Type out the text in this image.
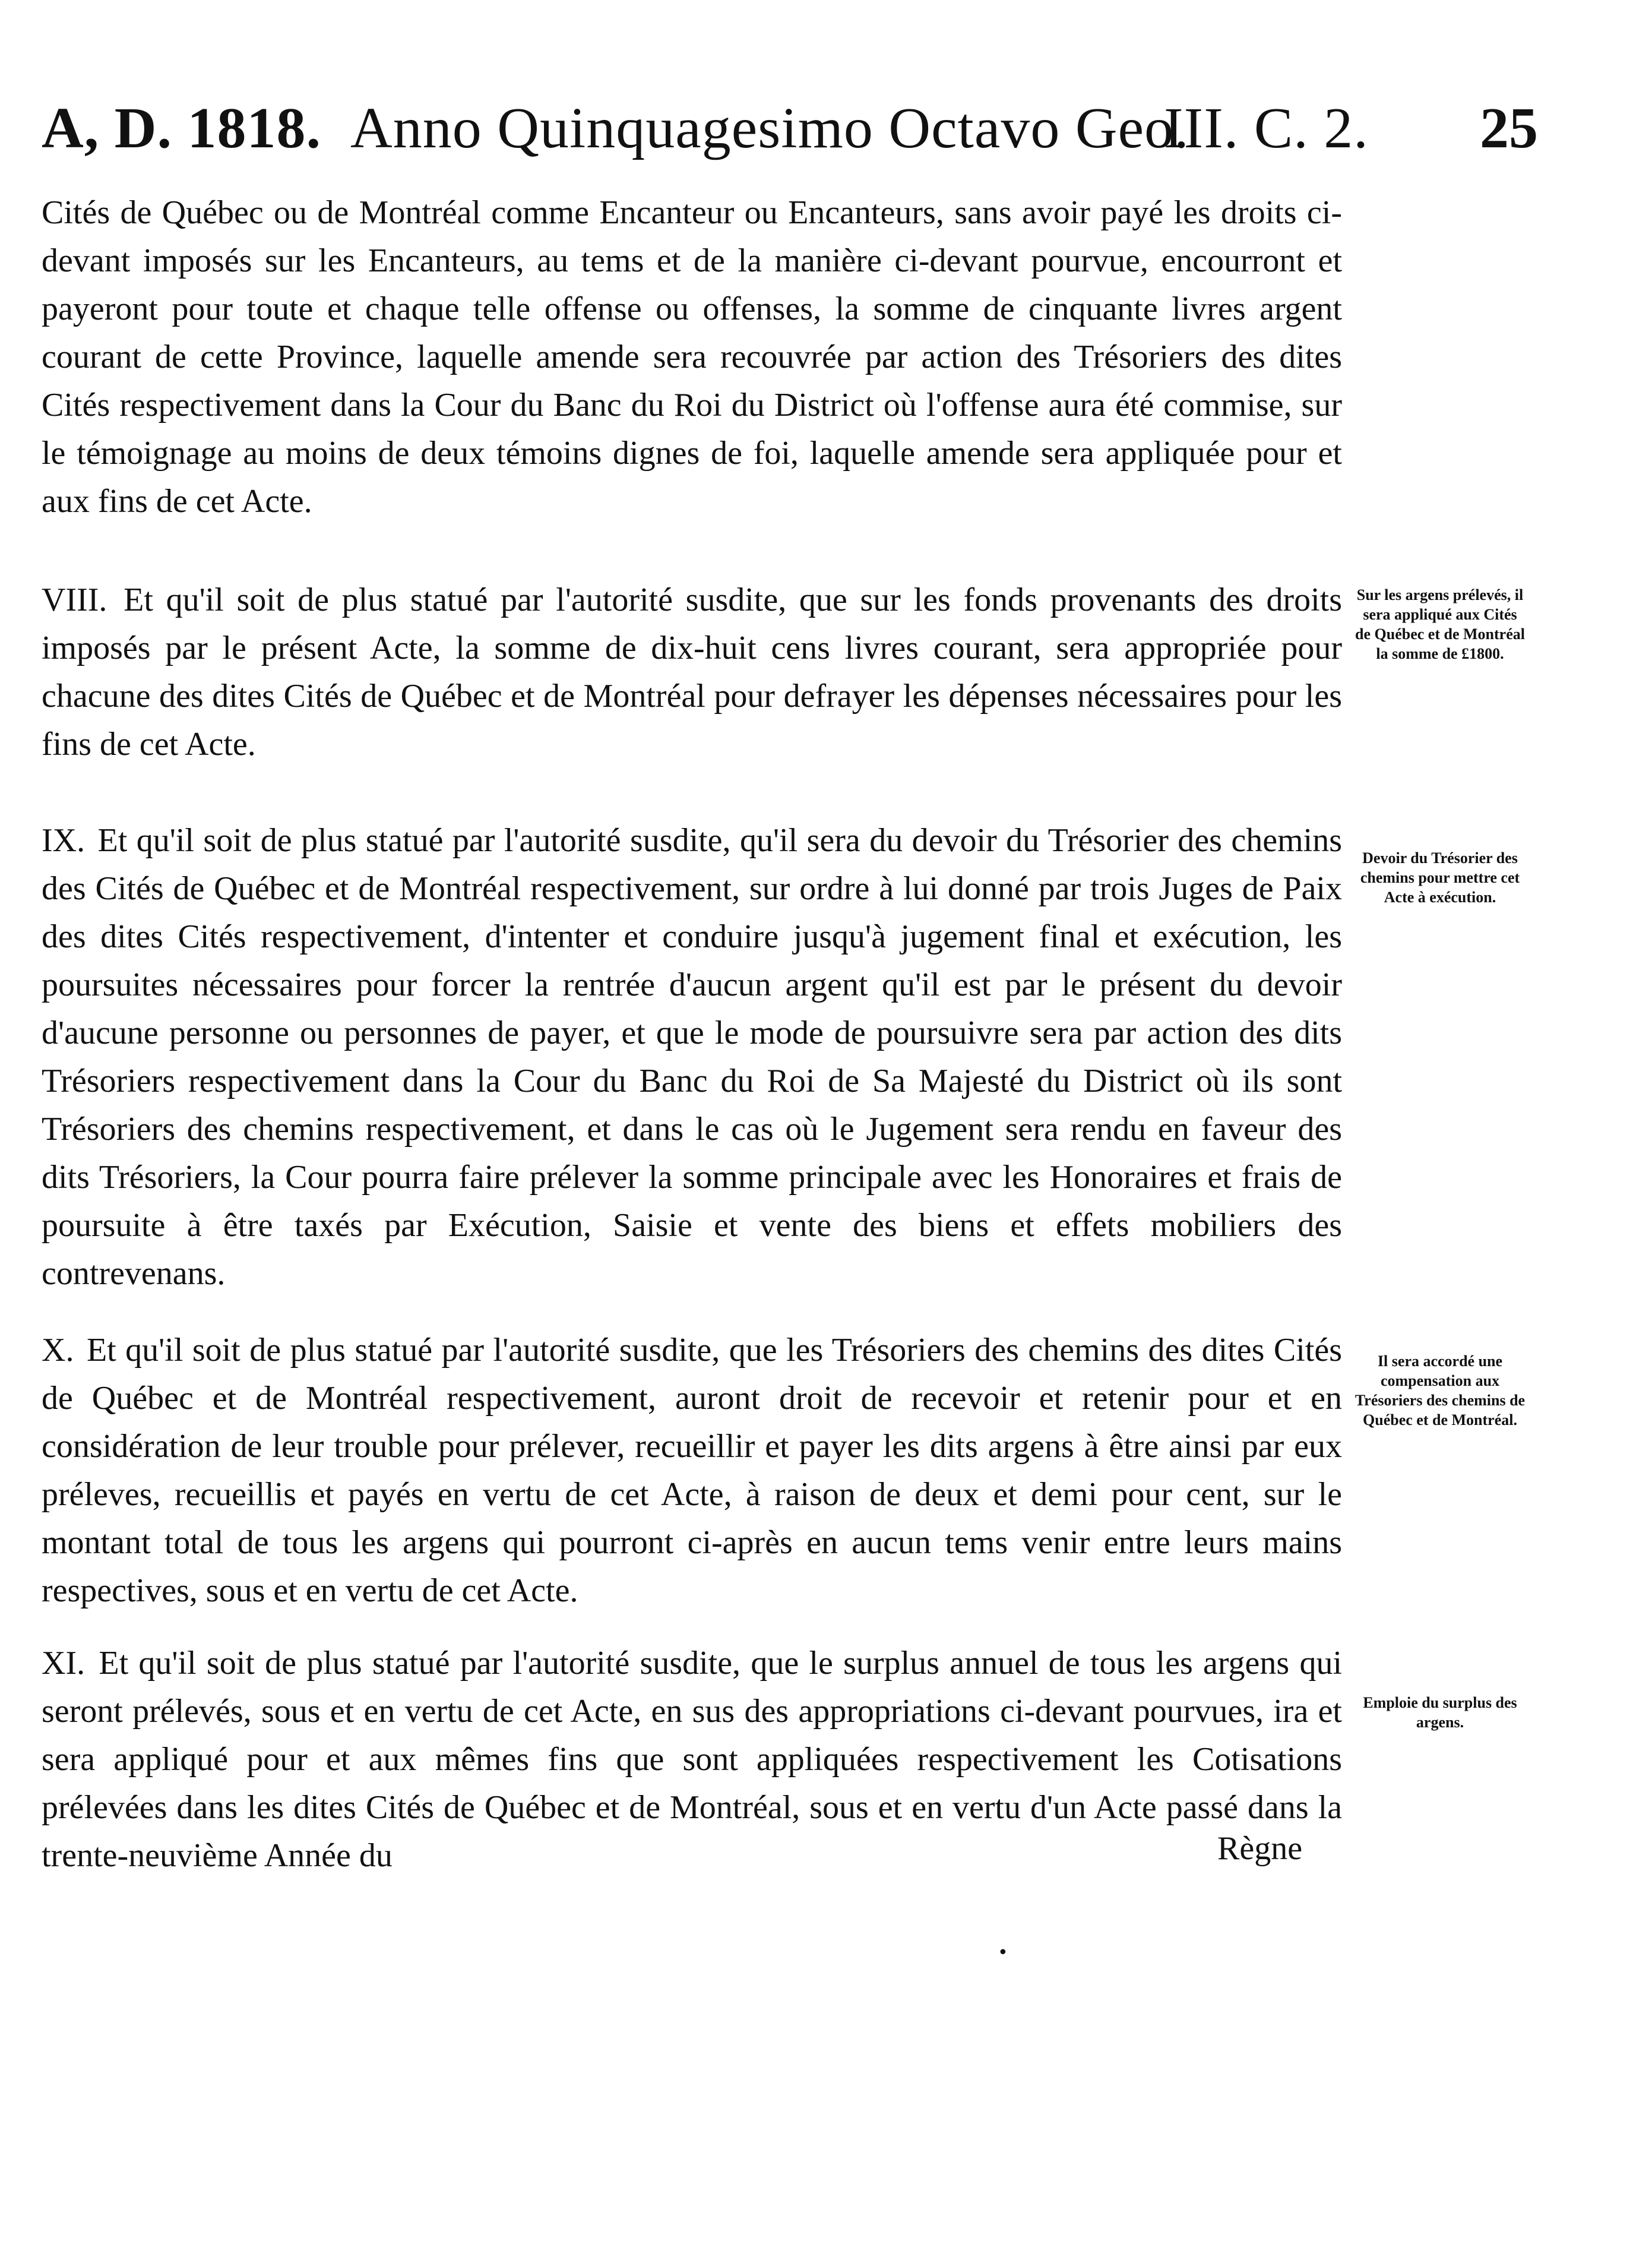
A, D. 1818. Anno Quinquagesimo Octavo Geo.
III. C. 2. 25
Cités de Québec ou de Montréal comme Encanteur ou Encanteurs, sans avoir payé les droits ci-devant imposés sur les Encanteurs, au tems et de la manière ci-devant pourvue, encourront et payeront pour toute et chaque telle offense ou offenses, la somme de cinquante livres argent courant de cette Province, laquelle amende sera recouvrée par action des Trésoriers des dites Cités respectivement dans la Cour du Banc du Roi du District où l'offense aura été commise, sur le témoignage au moins de deux témoins dignes de foi, laquelle amende sera appliquée pour et aux fins de cet Acte.
VIII. Et qu'il soit de plus statué par l'autorité susdite, que sur les fonds provenants des droits imposés par le présent Acte, la somme de dix-huit cens livres courant, sera appropriée pour chacune des dites Cités de Québec et de Montréal pour defrayer les dépenses nécessaires pour les fins de cet Acte.
Sur les argens prélevés, il sera appliqué aux Cités de Québec et de Montréal la somme de £1800.
IX. Et qu'il soit de plus statué par l'autorité susdite, qu'il sera du devoir du Trésorier des chemins des Cités de Québec et de Montréal respectivement, sur ordre à lui donné par trois Juges de Paix des dites Cités respectivement, d'intenter et conduire jusqu'à jugement final et exécution, les poursuites nécessaires pour forcer la rentrée d'aucun argent qu'il est par le présent du devoir d'aucune personne ou personnes de payer, et que le mode de poursuivre sera par action des dits Trésoriers respectivement dans la Cour du Banc du Roi de Sa Majesté du District où ils sont Trésoriers des chemins respectivement, et dans le cas où le Jugement sera rendu en faveur des dits Trésoriers, la Cour pourra faire prélever la somme principale avec les Honoraires et frais de poursuite à être taxés par Exécution, Saisie et vente des biens et effets mobiliers des contrevenans.
Devoir du Trésorier des chemins pour mettre cet Acte à exécution.
X. Et qu'il soit de plus statué par l'autorité susdite, que les Trésoriers des chemins des dites Cités de Québec et de Montréal respectivement, auront droit de recevoir et retenir pour et en considération de leur trouble pour prélever, recueillir et payer les dits argens à être ainsi par eux préleves, recueillis et payés en vertu de cet Acte, à raison de deux et demi pour cent, sur le montant total de tous les argens qui pourront ci-après en aucun tems venir entre leurs mains respectives, sous et en vertu de cet Acte.
Il sera accordé une compensation aux Trésoriers des chemins de Québec et de Montréal.
XI. Et qu'il soit de plus statué par l'autorité susdite, que le surplus annuel de tous les argens qui seront prélevés, sous et en vertu de cet Acte, en sus des appropriations ci-devant pourvues, ira et sera appliqué pour et aux mêmes fins que sont appliquées respectivement les Cotisations prélevées dans les dites Cités de Québec et de Montréal, sous et en vertu d'un Acte passé dans la trente-neuvième Année du
Emploie du surplus des argens.
Règne
•
